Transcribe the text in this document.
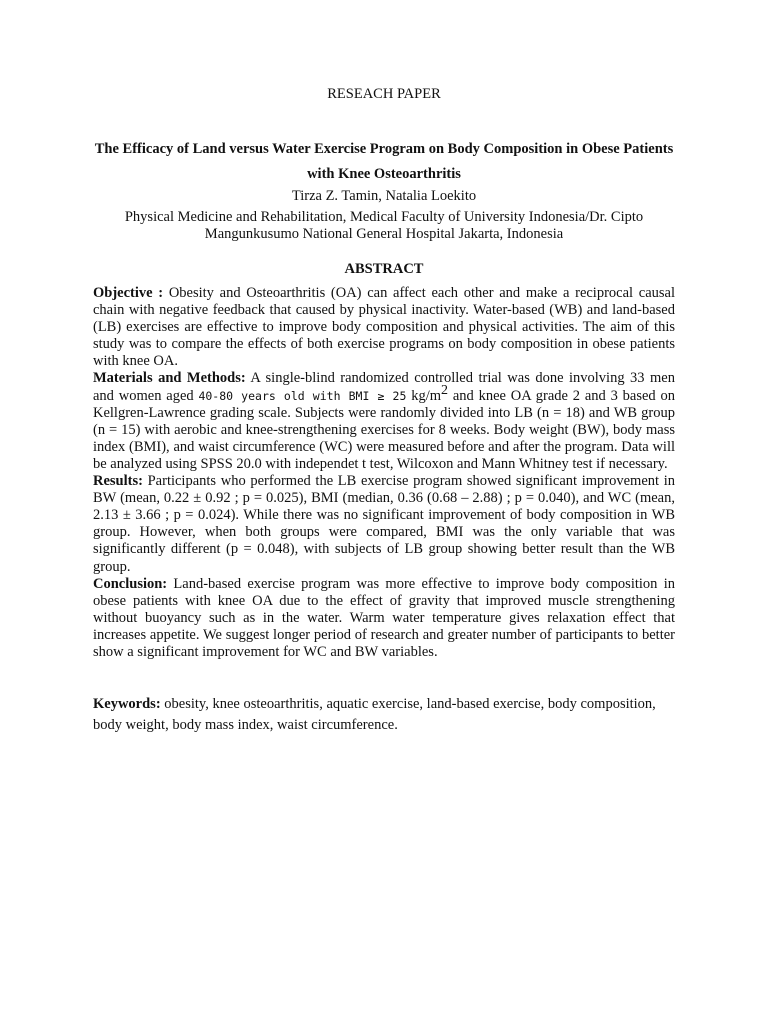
RESEACH PAPER
The Efficacy of Land versus Water Exercise Program on Body Composition in Obese Patients with Knee Osteoarthritis
Tirza Z. Tamin, Natalia Loekito
Physical Medicine and Rehabilitation, Medical Faculty of University Indonesia/Dr. Cipto Mangunkusumo National General Hospital Jakarta, Indonesia
ABSTRACT

Objective : Obesity and Osteoarthritis (OA) can affect each other and make a reciprocal causal chain with negative feedback that caused by physical inactivity. Water-based (WB) and land-based (LB) exercises are effective to improve body composition and physical activities. The aim of this study was to compare the effects of both exercise programs on body composition in obese patients with knee OA.

Materials and Methods: A single-blind randomized controlled trial was done involving 33 men and women aged 40-80 years old with BMI ≥ 25 kg/m2 and knee OA grade 2 and 3 based on Kellgren-Lawrence grading scale. Subjects were randomly divided into LB (n = 18) and WB group (n = 15) with aerobic and knee-strengthening exercises for 8 weeks. Body weight (BW), body mass index (BMI), and waist circumference (WC) were measured before and after the program. Data will be analyzed using SPSS 20.0 with independet t test, Wilcoxon and Mann Whitney test if necessary.

Results: Participants who performed the LB exercise program showed significant improvement in BW (mean, 0.22 ± 0.92 ; p = 0.025), BMI (median, 0.36 (0.68 – 2.88) ; p = 0.040), and WC (mean, 2.13 ± 3.66 ; p = 0.024). While there was no significant improvement of body composition in WB group. However, when both groups were compared, BMI was the only variable that was significantly different (p = 0.048), with subjects of LB group showing better result than the WB group.

Conclusion: Land-based exercise program was more effective to improve body composition in obese patients with knee OA due to the effect of gravity that improved muscle strengthening without buoyancy such as in the water. Warm water temperature gives relaxation effect that increases appetite. We suggest longer period of research and greater number of participants to better show a significant improvement for WC and BW variables.

Keywords: obesity, knee osteoarthritis, aquatic exercise, land-based exercise, body composition, body weight, body mass index, waist circumference.
